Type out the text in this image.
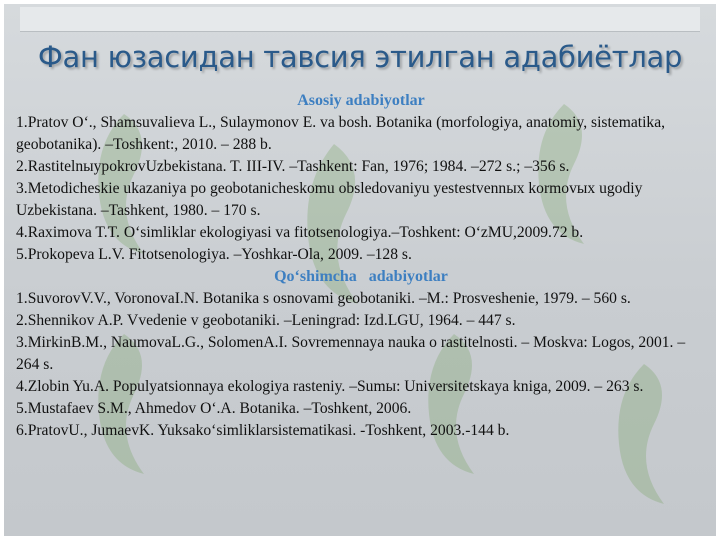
Фан юзасидан тавсия этилган адабиётлар
Asosiy adabiyotlar

1.Pratov O‘., Shamsuvalieva L., Sulaymonov E. va bosh. Botanika (morfologiya, anatomiy, sistematika, geobotanika). –Toshkent:, 2010. – 288 b.

2.RastitelnыypokrovUzbekistana. T. III-IV. –Tashkent: Fan, 1976; 1984. –272 s.; –356 s.

3.Metodicheskie ukazaniya po geobotanicheskomu obsledovaniyu yestestvennыx kormovыx ugodiy Uzbekistana. –Tashkent, 1980. – 170 s.

4.Raximova T.T. O‘simliklar ekologiyasi va fitotsenologiya.–Toshkent: O‘zMU,2009.72 b.

5.Prokopeva L.V. Fitotsenologiya. –Yoshkar-Ola, 2009. –128 s.

Qo‘shimcha   adabiyotlar

1.SuvorovV.V., VoronovaI.N. Botanika s osnovami geobotaniki. –M.: Prosveshenie, 1979. – 560 s.

2.Shennikov A.P. Vvedenie v geobotaniki. –Leningrad: Izd.LGU, 1964. – 447 s.

3.MirkinB.M., NaumovaL.G., SolomenA.I. Sovremennaya nauka o rastitelnosti. – Moskva: Logos, 2001. –264 s.

4.Zlobin Yu.A. Populyatsionnaya ekologiya rasteniy. –Sumы: Universitetskaya kniga, 2009. – 263 s.

5.Mustafaev S.M., Ahmedov O‘.A. Botanika. –Toshkent, 2006.

6.PratovU., JumaevK. Yuksako‘simliklarsistematikasi. -Toshkent, 2003.-144 b.
